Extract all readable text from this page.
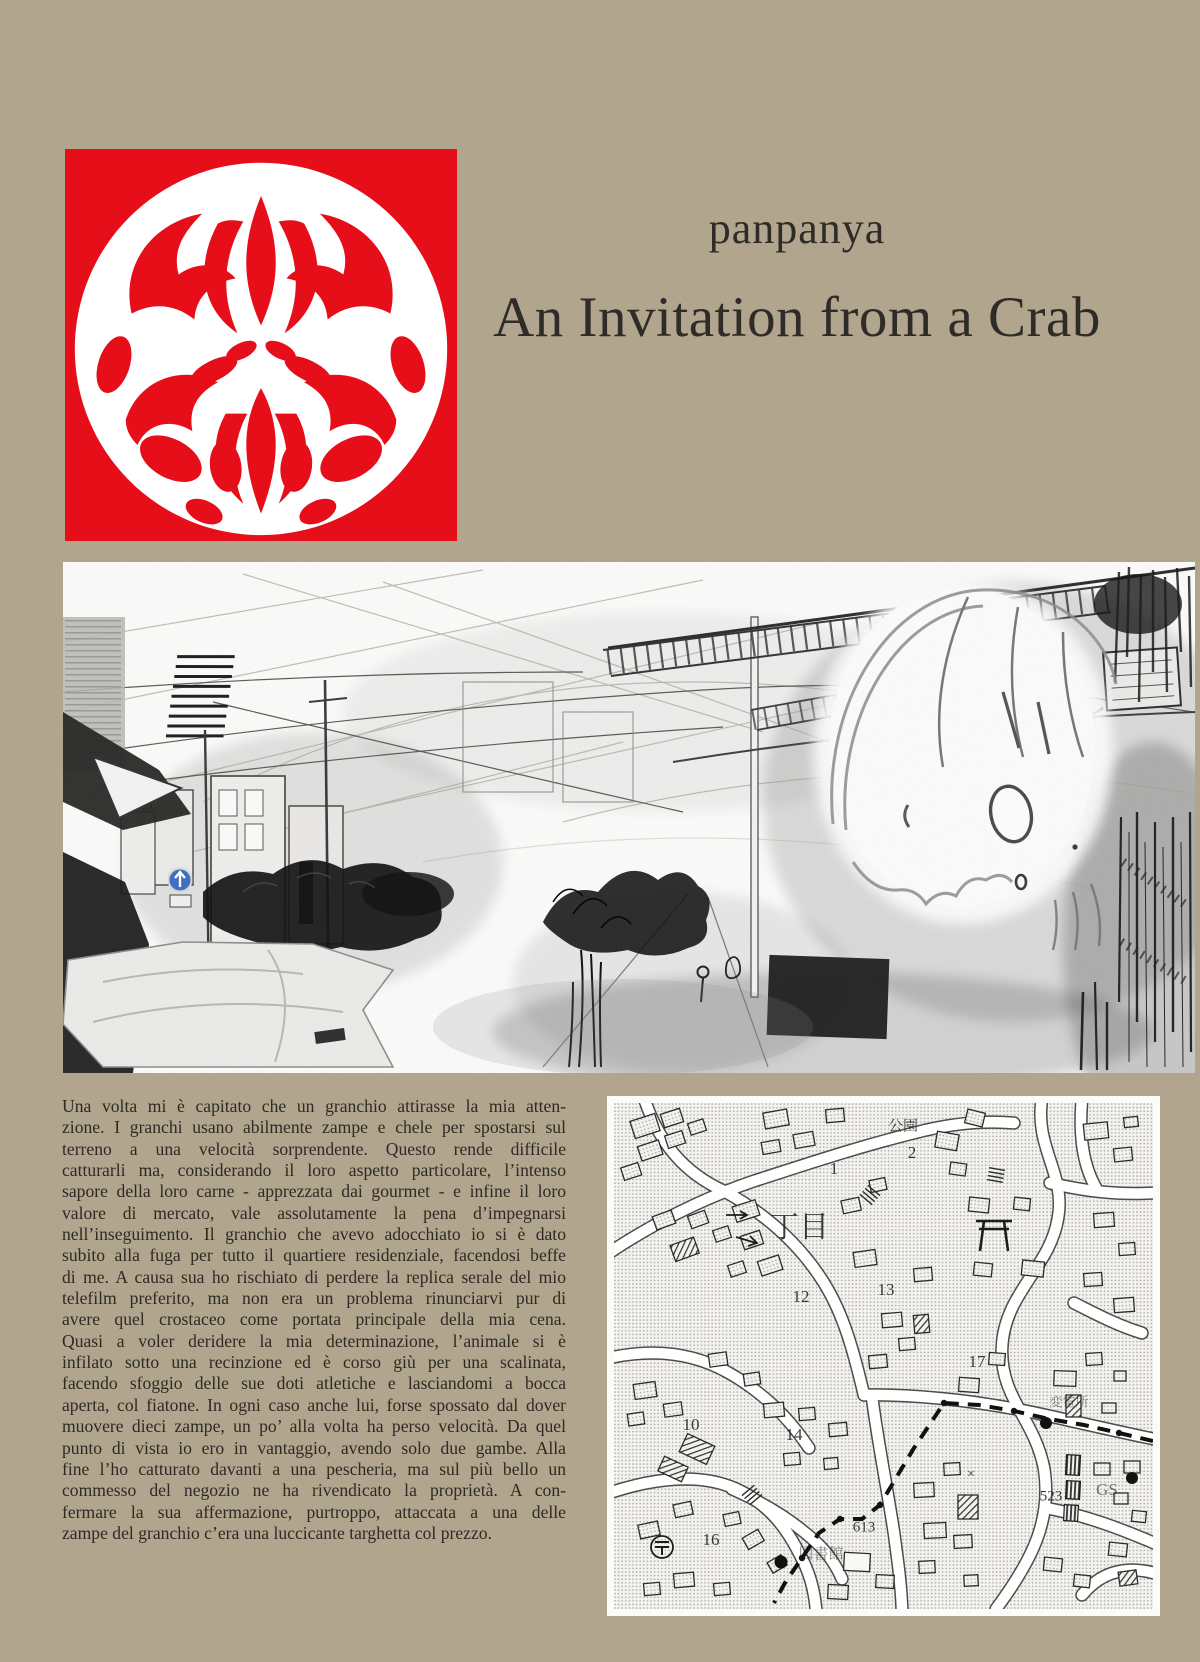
panpanya
An Invitation from a Crab
Una volta mi è capitato che un granchio attirasse la mia atten-
zione. I granchi usano abilmente zampe e chele per spostarsi sul
terreno a una velocità sorprendente. Questo rende difficile
catturarli ma, considerando il loro aspetto particolare, l’intenso
sapore della loro carne - apprezzata dai gourmet - e infine il loro
valore di mercato, vale assolutamente la pena d’impegnarsi
nell’inseguimento. Il granchio che avevo adocchiato io si è dato
subito alla fuga per tutto il quartiere residenziale, facendosi beffe
di me. A causa sua ho rischiato di perdere la replica serale del mio
telefilm preferito, ma non era un problema rinunciarvi pur di
avere quel crostaceo come portata principale della mia cena.
Quasi a voler deridere la mia determinazione, l’animale si è
infilato sotto una recinzione ed è corso giù per una scalinata,
facendo sfoggio delle sue doti atletiche e lasciandomi a bocca
aperta, col fiatone. In ogni caso anche lui, forse spossato dal dover
muovere dieci zampe, un po’ alla volta ha perso velocità. Da quel
punto di vista io ero in vantaggio, avendo solo due gambe. Alla
fine l’ho catturato davanti a una pescheria, ma sul più bello un
commesso del negozio ne ha rivendicato la proprietà. A con-
fermare la sua affermazione, purtroppo, attaccata a una delle
zampe del granchio c’era una luccicante targhetta col prezzo.
公園
2
1
丁目
12	13
17
10
14
変電所
×
523 GS
16
613
図書館
